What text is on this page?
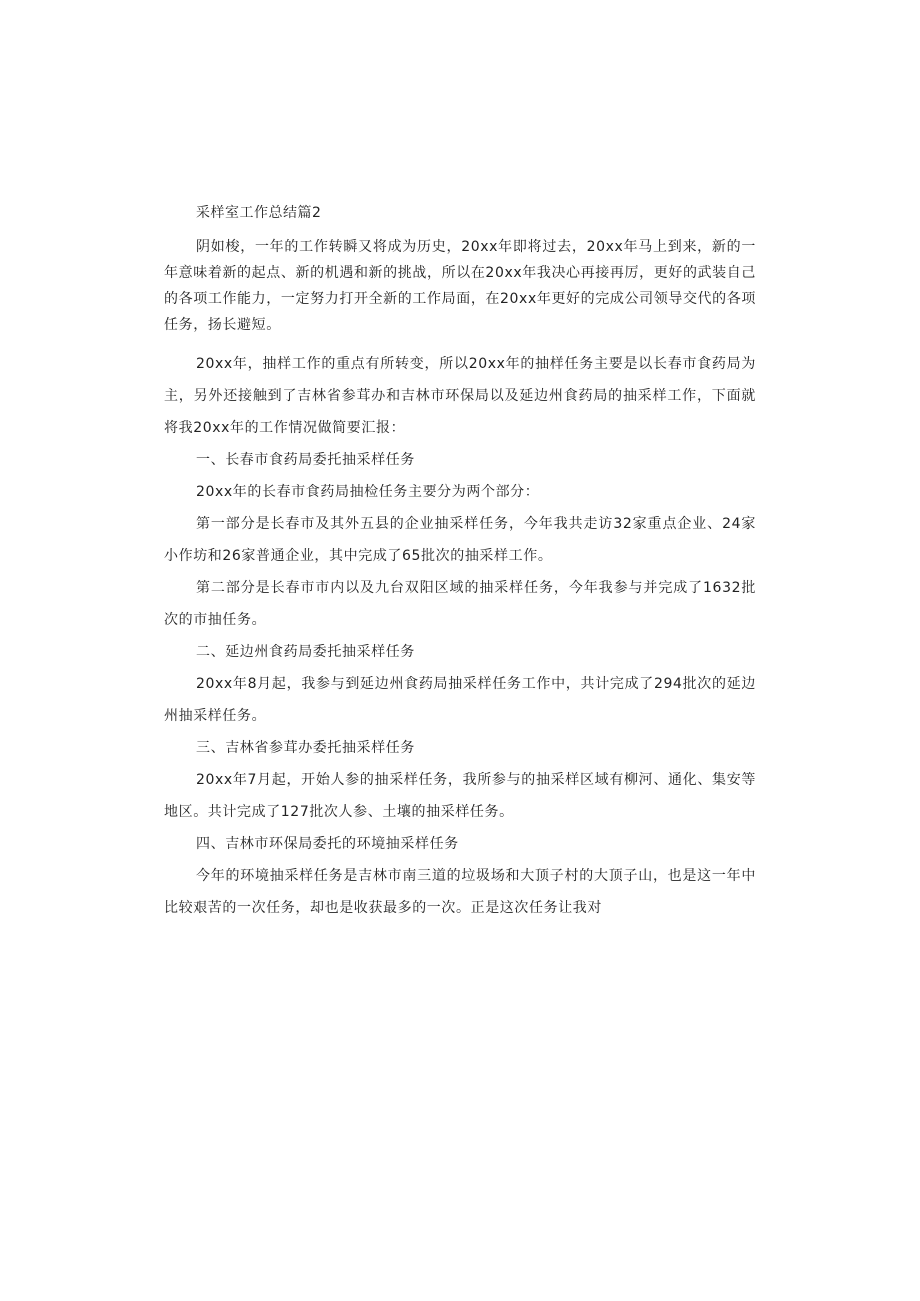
采样室工作总结篇2

阴如梭，一年的工作转瞬又将成为历史，20xx年即将过去，20xx年马上到来，新的一年意味着新的起点、新的机遇和新的挑战，所以在20xx年我决心再接再厉，更好的武装自己的各项工作能力，一定努力打开全新的工作局面，在20xx年更好的完成公司领导交代的各项任务，扬长避短。

20xx年，抽样工作的重点有所转变，所以20xx年的抽样任务主要是以长春市食药局为主，另外还接触到了吉林省参茸办和吉林市环保局以及延边州食药局的抽采样工作，下面就将我20xx年的工作情况做简要汇报：

一、长春市食药局委托抽采样任务

20xx年的长春市食药局抽检任务主要分为两个部分：

第一部分是长春市及其外五县的企业抽采样任务，今年我共走访32家重点企业、24家小作坊和26家普通企业，其中完成了65批次的抽采样工作。

第二部分是长春市市内以及九台双阳区域的抽采样任务，今年我参与并完成了1632批次的市抽任务。

二、延边州食药局委托抽采样任务

20xx年8月起，我参与到延边州食药局抽采样任务工作中，共计完成了294批次的延边州抽采样任务。

三、吉林省参茸办委托抽采样任务

20xx年7月起，开始人参的抽采样任务，我所参与的抽采样区域有柳河、通化、集安等地区。共计完成了127批次人参、土壤的抽采样任务。

四、吉林市环保局委托的环境抽采样任务

今年的环境抽采样任务是吉林市南三道的垃圾场和大顶子村的大顶子山，也是这一年中比较艰苦的一次任务，却也是收获最多的一次。正是这次任务让我对
